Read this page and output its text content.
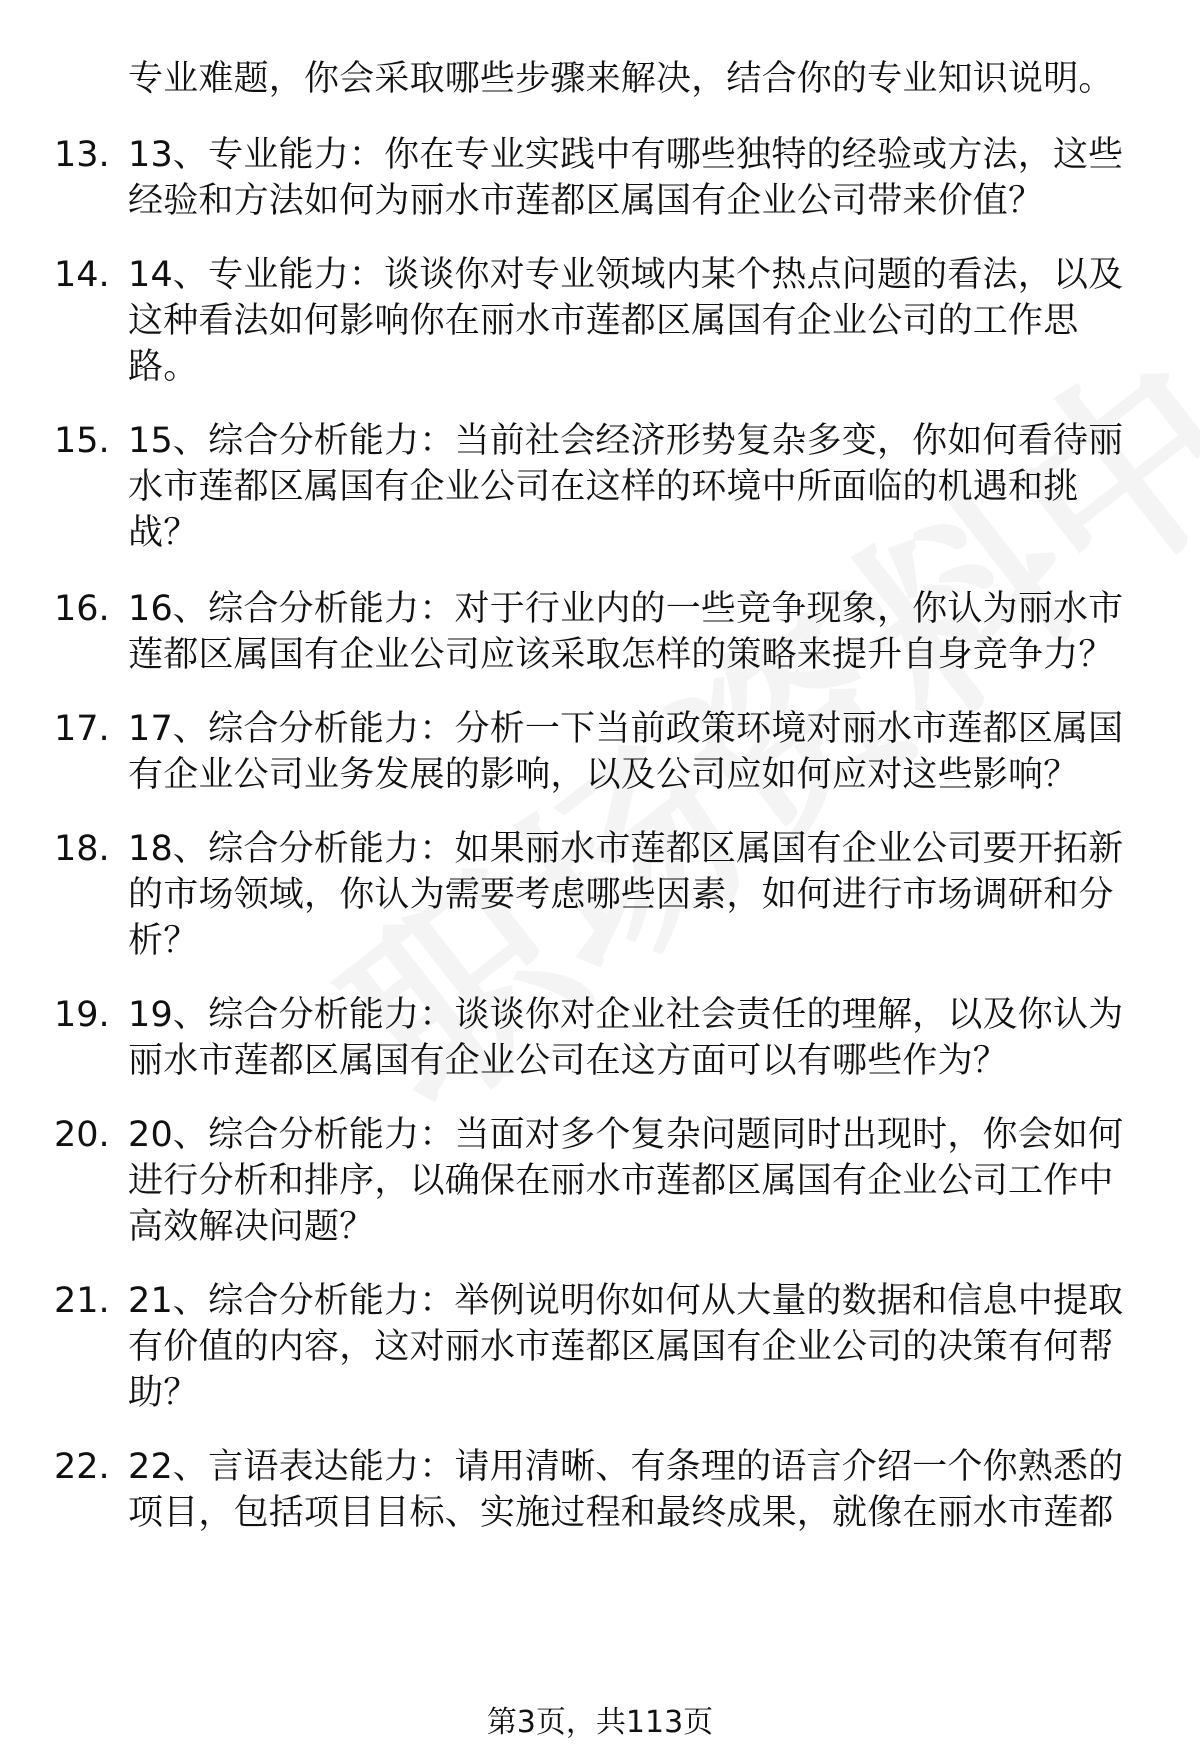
专业难题，你会采取哪些步骤来解决，结合你的专业知识说明。
13. 13、专业能力：你在专业实践中有哪些独特的经验或方法，这些
经验和方法如何为丽水市莲都区属国有企业公司带来价值？
14. 14、专业能力：谈谈你对专业领域内某个热点问题的看法，以及
这种看法如何影响你在丽水市莲都区属国有企业公司的工作思
路。
15. 15、综合分析能力：当前社会经济形势复杂多变，你如何看待丽
水市莲都区属国有企业公司在这样的环境中所面临的机遇和挑
战？
16. 16、综合分析能力：对于行业内的一些竞争现象，你认为丽水市
莲都区属国有企业公司应该采取怎样的策略来提升自身竞争力？
17. 17、综合分析能力：分析一下当前政策环境对丽水市莲都区属国
有企业公司业务发展的影响，以及公司应如何应对这些影响？
18. 18、综合分析能力：如果丽水市莲都区属国有企业公司要开拓新
的市场领域，你认为需要考虑哪些因素，如何进行市场调研和分
析？
19. 19、综合分析能力：谈谈你对企业社会责任的理解，以及你认为
丽水市莲都区属国有企业公司在这方面可以有哪些作为？
20. 20、综合分析能力：当面对多个复杂问题同时出现时，你会如何
进行分析和排序，以确保在丽水市莲都区属国有企业公司工作中
高效解决问题？
21. 21、综合分析能力：举例说明你如何从大量的数据和信息中提取
有价值的内容，这对丽水市莲都区属国有企业公司的决策有何帮
助？
22. 22、言语表达能力：请用清晰、有条理的语言介绍一个你熟悉的
项目，包括项目目标、实施过程和最终成果，就像在丽水市莲都
第3页，共113页
